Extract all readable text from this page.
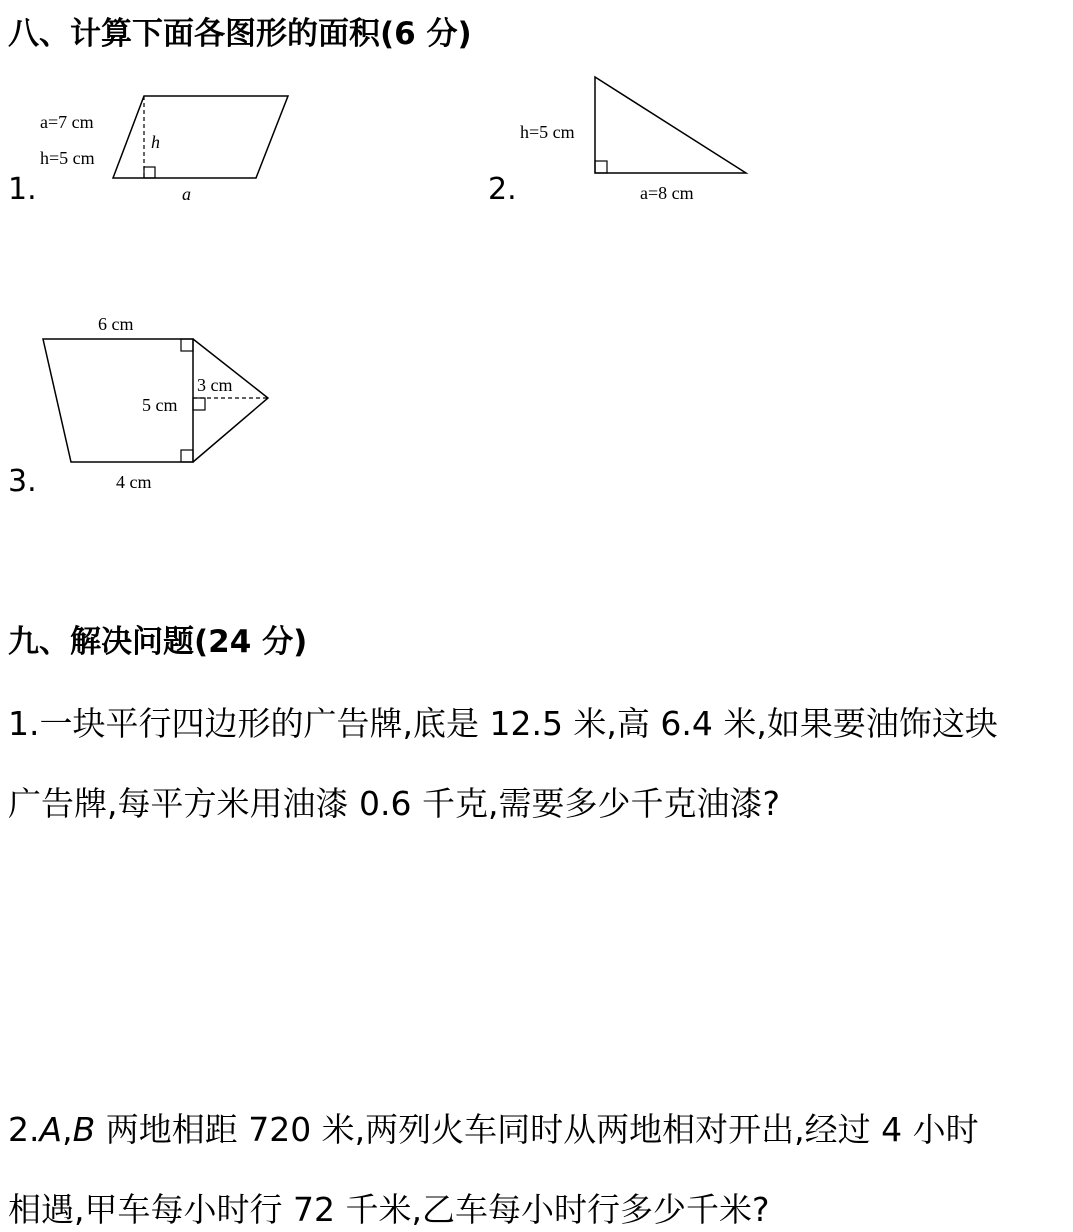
八、计算下面各图形的面积(6 分)
1.
a=7 cm
h=5 cm
h
a	2.
h=5 cm
a=8 cm
3.
6 cm
5 cm
3 cm
4 cm
九、解决问题(24 分)
1.一块平行四边形的广告牌,底是 12.5 米,高 6.4 米,如果要油饰这块
广告牌,每平方米用油漆 0.6 千克,需要多少千克油漆?
2.A,B 两地相距 720 米,两列火车同时从两地相对开出,经过 4 小时
相遇,甲车每小时行 72 千米,乙车每小时行多少千米?
